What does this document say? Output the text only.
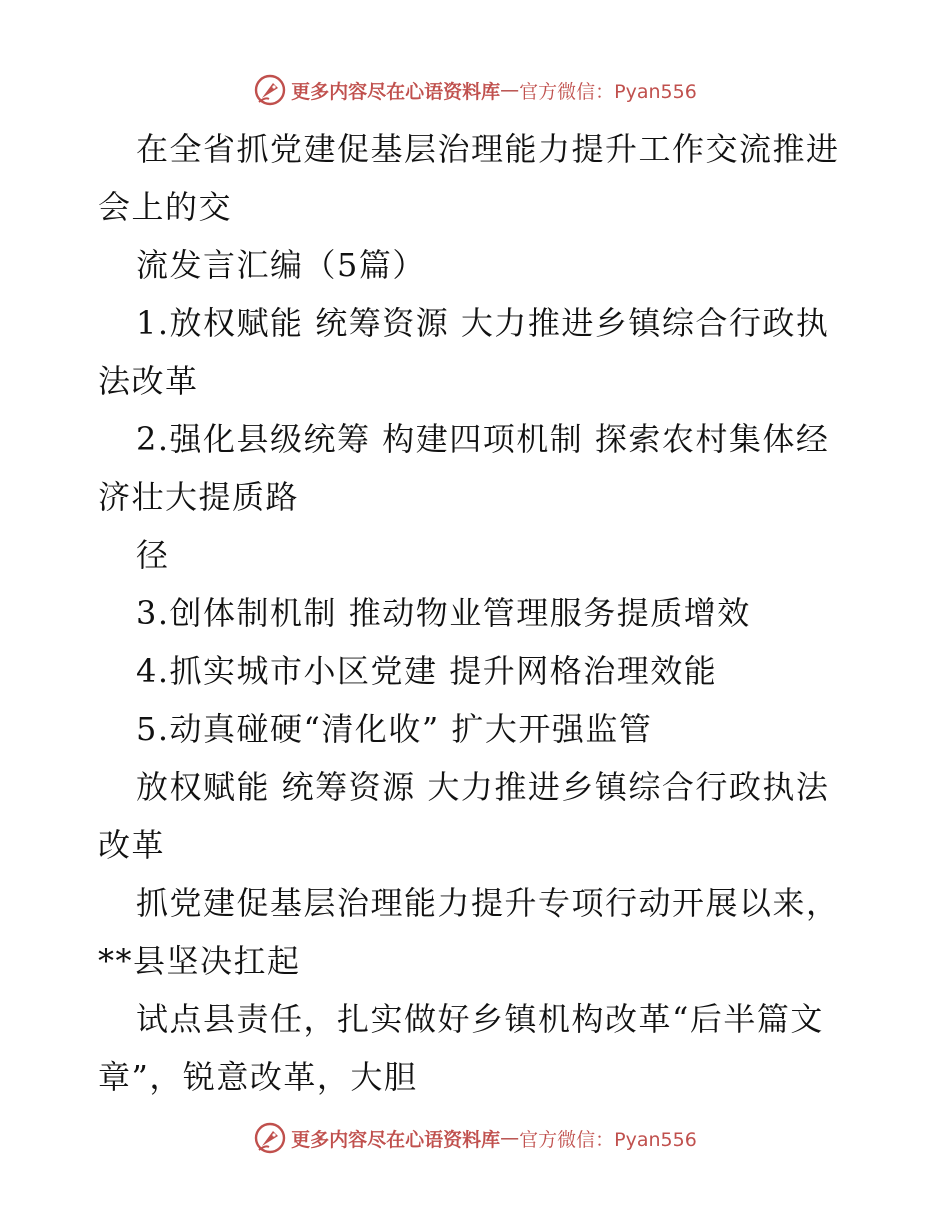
更多内容尽在心语资料库 — 官方微信：Pyan556
在全省抓党建促基层治理能力提升工作交流推进
会上的交
流发言汇编（5篇）
1.放权赋能 统筹资源 大力推进乡镇综合行政执
法改革
2.强化县级统筹 构建四项机制 探索农村集体经
济壮大提质路
径
3.创体制机制 推动物业管理服务提质增效
4.抓实城市小区党建 提升网格治理效能
5.动真碰硬“清化收” 扩大开强监管
放权赋能 统筹资源 大力推进乡镇综合行政执法
改革
抓党建促基层治理能力提升专项行动开展以来，
**县坚决扛起
试点县责任，扎实做好乡镇机构改革“后半篇文
章”，锐意改革，大胆
更多内容尽在心语资料库 — 官方微信：Pyan556
